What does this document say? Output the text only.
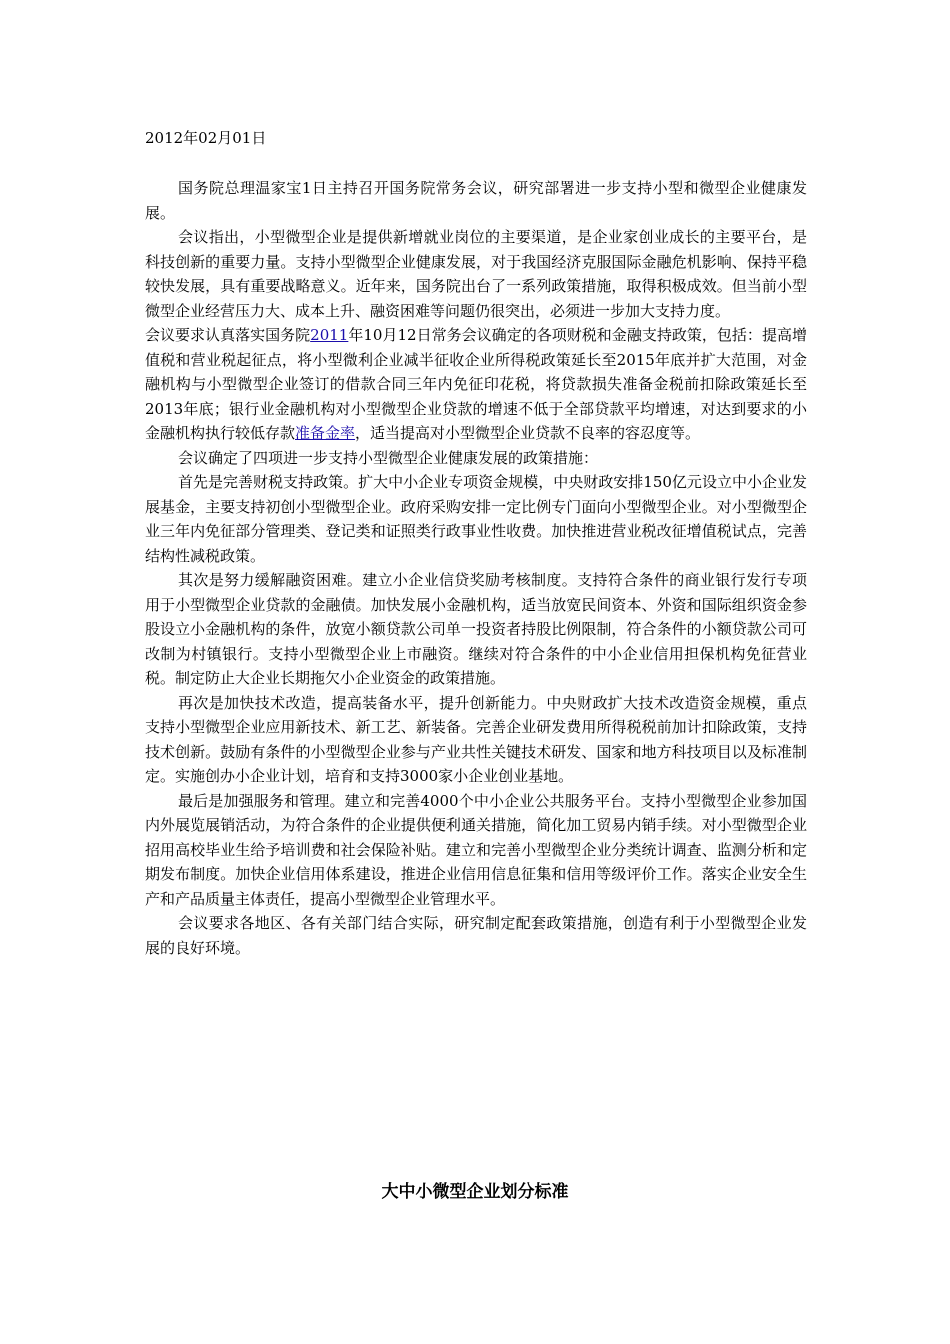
2012年02月01日

国务院总理温家宝1日主持召开国务院常务会议，研究部署进一步支持小型和微型企业健康发展。

会议指出，小型微型企业是提供新增就业岗位的主要渠道，是企业家创业成长的主要平台，是科技创新的重要力量。支持小型微型企业健康发展，对于我国经济克服国际金融危机影响、保持平稳较快发展，具有重要战略意义。近年来，国务院出台了一系列政策措施，取得积极成效。但当前小型微型企业经营压力大、成本上升、融资困难等问题仍很突出，必须进一步加大支持力度。

会议要求认真落实国务院2011年10月12日常务会议确定的各项财税和金融支持政策，包括：提高增值税和营业税起征点，将小型微利企业减半征收企业所得税政策延长至2015年底并扩大范围，对金融机构与小型微型企业签订的借款合同三年内免征印花税，将贷款损失准备金税前扣除政策延长至2013年底；银行业金融机构对小型微型企业贷款的增速不低于全部贷款平均增速，对达到要求的小金融机构执行较低存款准备金率，适当提高对小型微型企业贷款不良率的容忍度等。

会议确定了四项进一步支持小型微型企业健康发展的政策措施：

首先是完善财税支持政策。扩大中小企业专项资金规模，中央财政安排150亿元设立中小企业发展基金，主要支持初创小型微型企业。政府采购安排一定比例专门面向小型微型企业。对小型微型企业三年内免征部分管理类、登记类和证照类行政事业性收费。加快推进营业税改征增值税试点，完善结构性减税政策。

其次是努力缓解融资困难。建立小企业信贷奖励考核制度。支持符合条件的商业银行发行专项用于小型微型企业贷款的金融债。加快发展小金融机构，适当放宽民间资本、外资和国际组织资金参股设立小金融机构的条件，放宽小额贷款公司单一投资者持股比例限制，符合条件的小额贷款公司可改制为村镇银行。支持小型微型企业上市融资。继续对符合条件的中小企业信用担保机构免征营业税。制定防止大企业长期拖欠小企业资金的政策措施。

再次是加快技术改造，提高装备水平，提升创新能力。中央财政扩大技术改造资金规模，重点支持小型微型企业应用新技术、新工艺、新装备。完善企业研发费用所得税税前加计扣除政策，支持技术创新。鼓励有条件的小型微型企业参与产业共性关键技术研发、国家和地方科技项目以及标准制定。实施创办小企业计划，培育和支持3000家小企业创业基地。

最后是加强服务和管理。建立和完善4000个中小企业公共服务平台。支持小型微型企业参加国内外展览展销活动，为符合条件的企业提供便利通关措施，简化加工贸易内销手续。对小型微型企业招用高校毕业生给予培训费和社会保险补贴。建立和完善小型微型企业分类统计调查、监测分析和定期发布制度。加快企业信用体系建设，推进企业信用信息征集和信用等级评价工作。落实企业安全生产和产品质量主体责任，提高小型微型企业管理水平。

会议要求各地区、各有关部门结合实际，研究制定配套政策措施，创造有利于小型微型企业发展的良好环境。

大中小微型企业划分标准
